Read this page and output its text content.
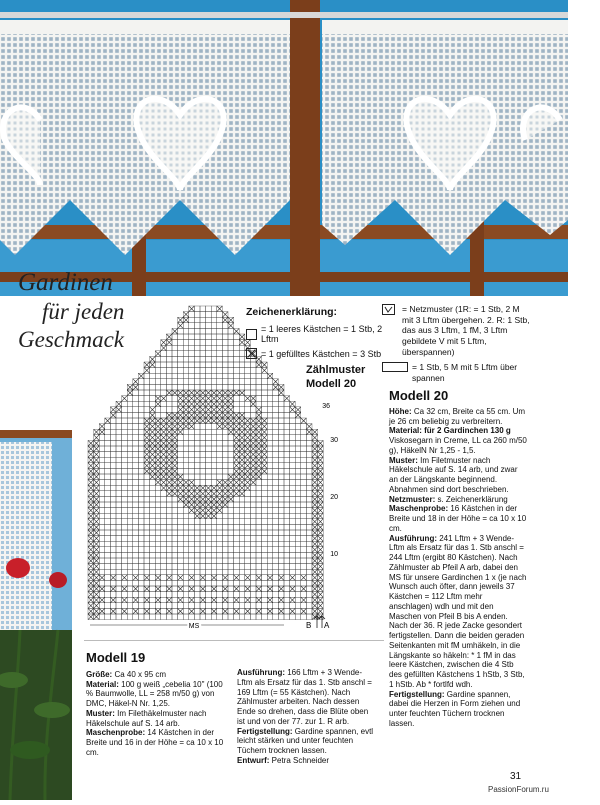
Gardinen
für jeden
Geschmack
36
30
20
10
MS	B A
Zeichenerklärung:
= 1 leeres Kästchen = 1 Stb, 2 Lftm
= 1 gefülltes Kästchen = 3 Stb
Zählmuster
Modell 20
= Netzmuster (1R: = 1 Stb, 2 M mit 3 Lftm übergehen. 2. R: 1 Stb, das aus 3 Lftm, 1 fM, 3 Lftm gebildete V mit 5 Lftm, überspannen)
= 1 Stb, 5 M mit 5 Lftm über spannen
Modell 20

Höhe: Ca 32 cm, Breite ca 55 cm. Um je 26 cm beliebig zu verbreitern.

Material: für 2 Gardinchen 130 g Viskosegarn in Creme, LL ca 260 m/50 g), HäkelN Nr 1,25 - 1,5.

Muster: Im Filetmuster nach Häkelschule auf S. 14 arb, und zwar an der Längskante beginnend. Abnahmen sind dort beschrieben.

Netzmuster: s. Zeichenerklärung

Maschenprobe: 16 Kästchen in der Breite und 18 in der Höhe = ca 10 x 10 cm.

Ausführung: 241 Lftm + 3 Wende-Lftm als Ersatz für das 1. Stb anschl = 244 Lftm (ergibt 80 Kästchen). Nach Zählmuster ab Pfeil A arb, dabei den MS für unsere Gardinchen 1 x (je nach Wunsch auch öfter, dann jeweils 37 Kästchen = 112 Lftm mehr anschlagen) wdh und mit den Maschen von Pfeil B bis A enden. Nach der 36. R jede Zacke gesondert fertigstellen. Dann die beiden geraden Seitenkanten mit fM umhäkeln, in die Längskante so häkeln: * 1 fM in das leere Kästchen, zwischen die 4 Stb des gefüllten Kästchens 1 hStb, 3 Stb, 1 hStb. Ab * fortlfd wdh.

Fertigstellung: Gardine spannen, dabei die Herzen in Form ziehen und unter feuchten Tüchern trocknen lassen.

Modell 19

Größe: Ca 40 x 95 cm

Material: 100 g weiß „cebelia 10" (100 % Baumwolle, LL = 258 m/50 g) von DMC, Häkel-N Nr. 1,25.

Muster: Im Filethäkelmuster nach Häkelschule auf S. 14 arb.

Maschenprobe: 14 Kästchen in der Breite und 16 in der Höhe = ca 10 x 10 cm.

Ausführung: 166 Lftm + 3 Wende-Lftm als Ersatz für das 1. Stb anschl = 169 Lftm (= 55 Kästchen). Nach Zählmuster arbeiten. Nach dessen Ende so drehen, dass die Blüte oben ist und von der 77. zur 1. R arb.

Fertigstellung: Gardine spannen, evtl leicht stärken und unter feuchten Tüchern trocknen lassen.

Entwurf: Petra Schneider

31
PassionForum.ru
